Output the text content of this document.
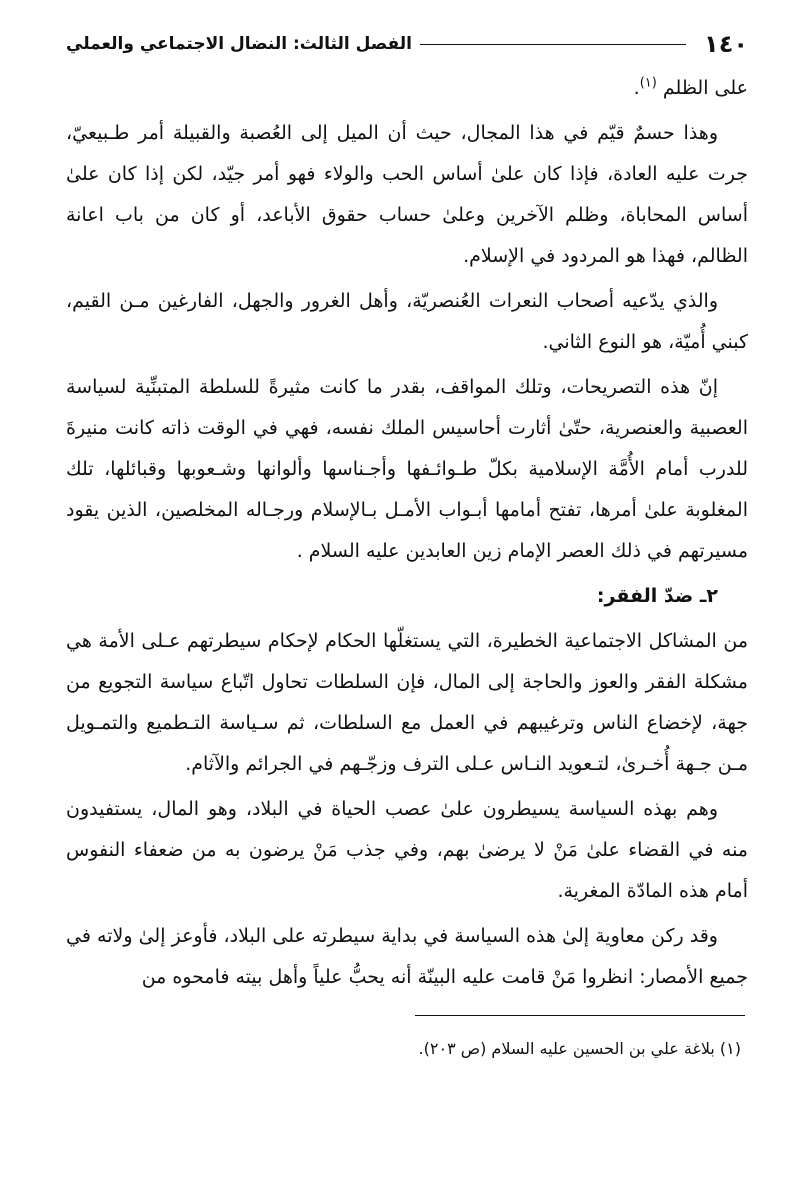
١٤٠
الفصل الثالث: النضال الاجتماعي والعملي

على الظلم $^{(١)}$.

وهذا حسمٌ قيّم في هذا المجال، حيث أن الميل إلى العُصبة والقبيلة أمر طـبيعيّ، جرت عليه العادة، فإذا كان علىٰ أساس الحب والولاء فهو أمر جيّد، لكن إذا كان علىٰ أساس المحاباة، وظلم الآخرين وعلىٰ حساب حقوق الأباعد، أو كان من باب اعانة الظالم، فهذا هو المردود في الإسلام.

والذي يدّعيه أصحاب النعرات العُنصريّة، وأهل الغرور والجهل، الفارغين مـن القيم، كبني أُميّة، هو النوع الثاني.

إنّ هذه التصريحات، وتلك المواقف، بقدر ما كانت مثيرةً للسلطة المتبنِّية لسياسة العصبية والعنصرية، حتّىٰ أثارت أحاسيس الملك نفسه، فهي في الوقت ذاته كانت منيرةَ للدرب أمام الأُمَّة الإسلامية بكلّ طـوائـفها وأجـناسها وألوانها وشـعوبها وقبائلها، تلك المغلوبة علىٰ أمرها، تفتح أمامها أبـواب الأمـل بـالإسلام ورجـاله المخلصين، الذين يقود مسيرتهم في ذلك العصر الإمام زين العابدين عليه السلام .

٢ـ ضدّ الفقر:

من المشاكل الاجتماعية الخطيرة، التي يستغلّها الحكام لإحكام سيطرتهم عـلى الأمة هي مشكلة الفقر والعوز والحاجة إلى المال، فإن السلطات تحاول اتّباع سياسة التجويع من جهة، لإخضاع الناس وترغيبهم في العمل مع السلطات، ثم سـياسة التـطميع والتمـويل مـن جـهة أُخـرىٰ، لتـعويد النـاس عـلى الترف وزجّـهم في الجرائم والآثام.

وهم بهذه السياسة يسيطرون علىٰ عصب الحياة في البلاد، وهو المال، يستفيدون منه في القضاء علىٰ مَنْ لا يرضىٰ بهم، وفي جذب مَنْ يرضون به من ضعفاء النفوس أمام هذه المادّة المغرية.

وقد ركن معاوية إلىٰ هذه السياسة في بداية سيطرته على البلاد، فأوعز إلىٰ ولاته في جميع الأمصار: انظروا مَنْ قامت عليه البينّة أنه يحبُّ علياً وأهل بيته فامحوه من

(١) بلاغة علي بن الحسين عليه السلام (ص ٢٠٣).
